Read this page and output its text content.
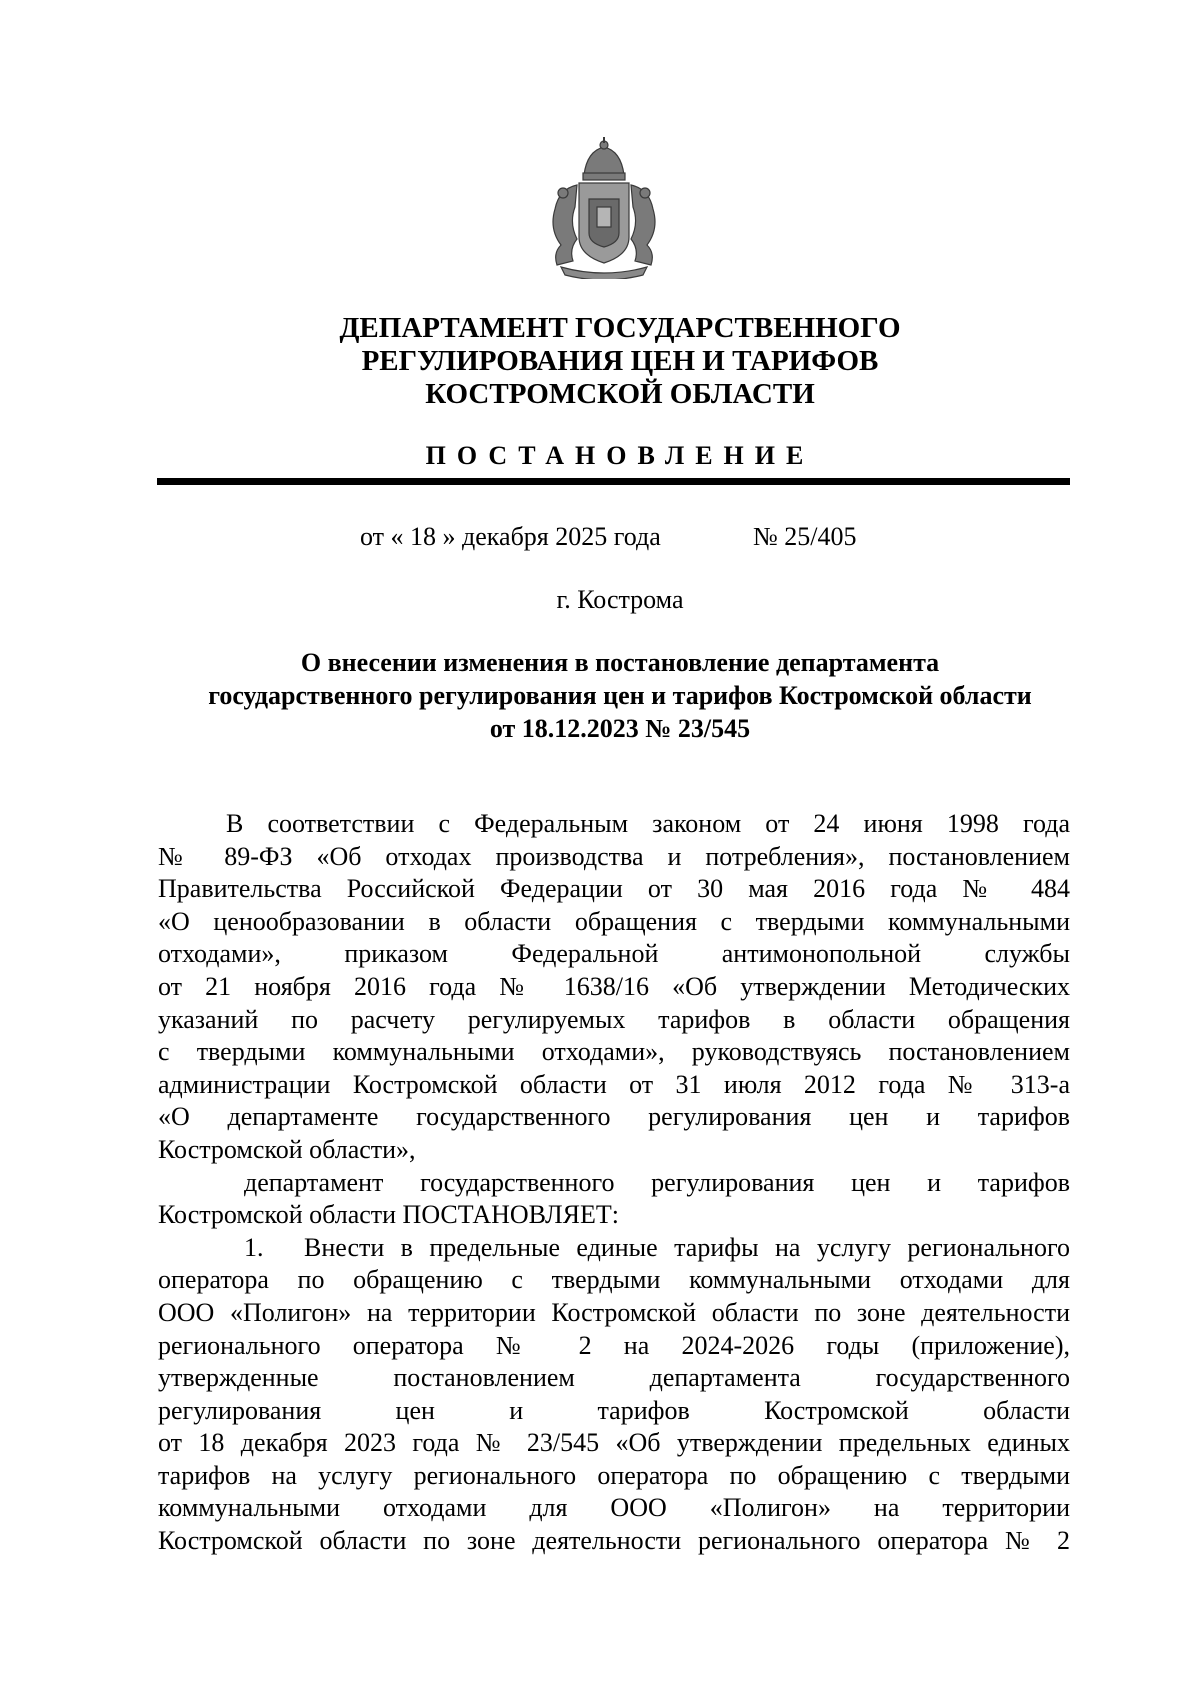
ДЕПАРТАМЕНТ ГОСУДАРСТВЕННОГО
РЕГУЛИРОВАНИЯ ЦЕН И ТАРИФОВ
КОСТРОМСКОЙ ОБЛАСТИ
ПОСТАНОВЛЕНИЕ
от « 18 » декабря 2025 года	№ 25/405
г. Кострома
О внесении изменения в постановление департамента
государственного регулирования цен и тарифов Костромской области
от 18.12.2023 № 23/545
В соответствии с Федеральным законом от 24 июня 1998 года
№ 89-ФЗ «Об отходах производства и потребления», постановлением
Правительства Российской Федерации от 30 мая 2016 года № 484
«О ценообразовании в области обращения с твердыми коммунальными
отходами», приказом Федеральной антимонопольной службы
от 21 ноября 2016 года № 1638/16 «Об утверждении Методических
указаний по расчету регулируемых тарифов в области обращения
с твердыми коммунальными отходами», руководствуясь постановлением
администрации Костромской области от 31 июля 2012 года № 313-а
«О департаменте государственного регулирования цен и тарифов
Костромской области»,
департамент государственного регулирования цен и тарифов
Костромской области ПОСТАНОВЛЯЕТ:
1. Внести в предельные единые тарифы на услугу регионального
оператора по обращению с твердыми коммунальными отходами для
ООО «Полигон» на территории Костромской области по зоне деятельности
регионального оператора № 2 на 2024-2026 годы (приложение),
утвержденные постановлением департамента государственного
регулирования цен и тарифов Костромской области
от 18 декабря 2023 года № 23/545 «Об утверждении предельных единых
тарифов на услугу регионального оператора по обращению с твердыми
коммунальными отходами для ООО «Полигон» на территории
Костромской области по зоне деятельности регионального оператора № 2
